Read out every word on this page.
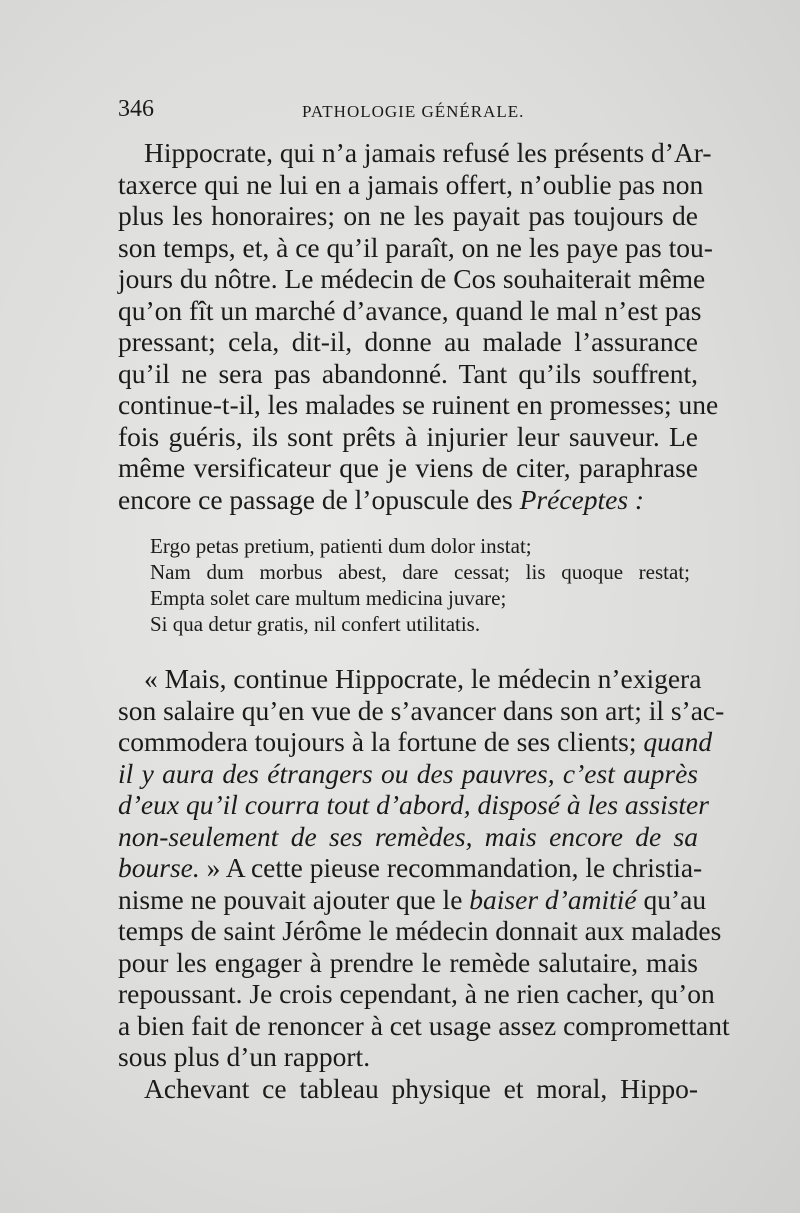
346	PATHOLOGIE GÉNÉRALE.
Hippocrate, qui n’a jamais refusé les présents d’Ar-
taxerce qui ne lui en a jamais offert, n’oublie pas non
plus les honoraires; on ne les payait pas toujours de
son temps, et, à ce qu’il paraît, on ne les paye pas tou-
jours du nôtre. Le médecin de Cos souhaiterait même
qu’on fît un marché d’avance, quand le mal n’est pas
pressant; cela, dit-il, donne au malade l’assurance
qu’il ne sera pas abandonné. Tant qu’ils souffrent,
continue-t-il, les malades se ruinent en promesses; une
fois guéris, ils sont prêts à injurier leur sauveur. Le
même versificateur que je viens de citer, paraphrase
encore ce passage de l’opuscule des Préceptes :
Ergo petas pretium, patienti dum dolor instat;
Nam dum morbus abest, dare cessat; lis quoque restat;
Empta solet care multum medicina juvare;
Si qua detur gratis, nil confert utilitatis.
« Mais, continue Hippocrate, le médecin n’exigera
son salaire qu’en vue de s’avancer dans son art; il s’ac-
commodera toujours à la fortune de ses clients; quand
il y aura des étrangers ou des pauvres, c’est auprès
d’eux qu’il courra tout d’abord, disposé à les assister
non-seulement de ses remèdes, mais encore de sa
bourse. » A cette pieuse recommandation, le christia-
nisme ne pouvait ajouter que le baiser d’amitié qu’au
temps de saint Jérôme le médecin donnait aux malades
pour les engager à prendre le remède salutaire, mais
repoussant. Je crois cependant, à ne rien cacher, qu’on
a bien fait de renoncer à cet usage assez compromettant
sous plus d’un rapport.
Achevant ce tableau physique et moral, Hippo-
